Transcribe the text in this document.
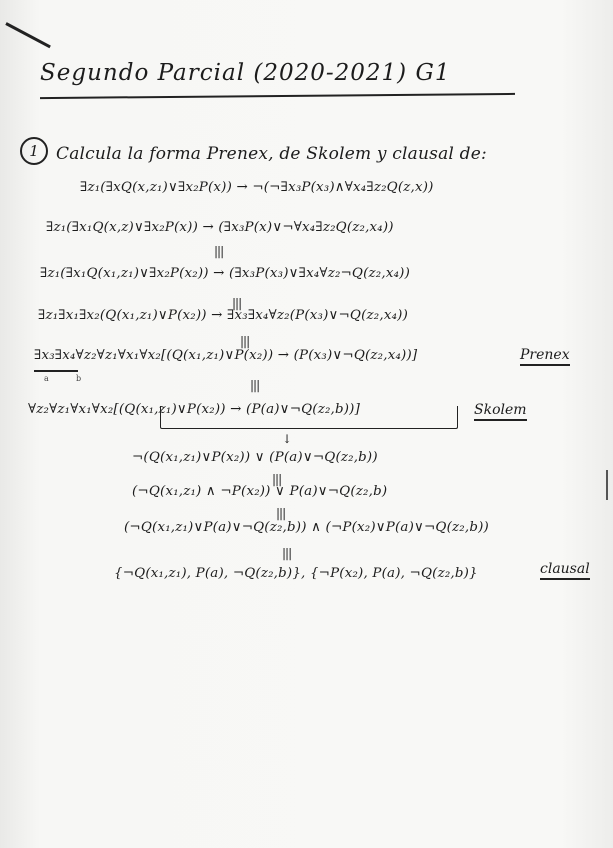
Segundo Parcial (2020-2021) G1
1	Calcula la forma Prenex, de Skolem y clausal de:
∃z₁(∃xQ(x,z₁)∨∃x₂P(x)) → ¬(¬∃x₃P(x₃)∧∀x₄∃z₂Q(z,x))
∃z₁(∃x₁Q(x,z)∨∃x₂P(x)) → (∃x₃P(x)∨¬∀x₄∃z₂Q(z₂,x₄))
|||
∃z₁(∃x₁Q(x₁,z₁)∨∃x₂P(x₂)) → (∃x₃P(x₃)∨∃x₄∀z₂¬Q(z₂,x₄))
|||
∃z₁∃x₁∃x₂(Q(x₁,z₁)∨P(x₂)) → ∃x₃∃x₄∀z₂(P(x₃)∨¬Q(z₂,x₄))
|||
∃x₃∃x₄∀z₂∀z₁∀x₁∀x₂[(Q(x₁,z₁)∨P(x₂)) → (P(x₃)∨¬Q(z₂,x₄))]
a	b
Prenex
|||
∀z₂∀z₁∀x₁∀x₂[(Q(x₁,z₁)∨P(x₂)) → (P(a)∨¬Q(z₂,b))]	Skolem
↓
¬(Q(x₁,z₁)∨P(x₂)) ∨ (P(a)∨¬Q(z₂,b))
|||
(¬Q(x₁,z₁) ∧ ¬P(x₂)) ∨ P(a)∨¬Q(z₂,b)
|||
(¬Q(x₁,z₁)∨P(a)∨¬Q(z₂,b)) ∧ (¬P(x₂)∨P(a)∨¬Q(z₂,b))
|||
{¬Q(x₁,z₁), P(a), ¬Q(z₂,b)}, {¬P(x₂), P(a), ¬Q(z₂,b)}	clausal
